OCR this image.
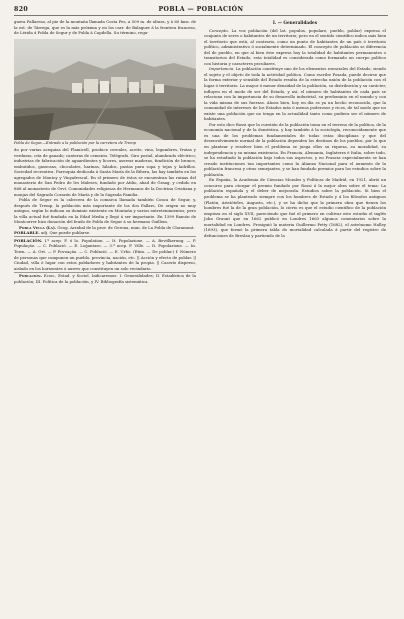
820	POBLA — POBLACIÓN

guera Pallaresa, al pie de la montaña llamada Costa Pes, a 509 m. de altura, y á 60 kms. de la est. de Tárrega, que es la más próxima y en los carr. de Balaguer á la frontera francesa, de Lérida á Pobla de Segur y de Pobla á Capdella. Su término, rega-

Pobla de Segur.—Entrada a la población por la carretera de Tremp

do por varias acequias del Flamicell, produce cereales, aceite, vino, legumbres, frutas y verduras, cría de ganado; canteras de cemento. Telégrafo. Giro postal, alumbrado eléctrico; industrias de fabricación de aguardientes y licores, aserrar maderas, fundición de bronce, embutidos, gaseosas, chocolates, harinas, hilados, pastas para sopa y tejas y ladrillos. Sociedad recreativa. Parroquia dedicada á Santa María de la Ribera, las hay también en los agregados de Montoy y Vinyafrescal. En el primero de éstos se encuentran las ruinas del monasterio de San Pedro de les Maleses, fundado por Atilio, abad de Graag, y cedido en 868 al monasterio de Orví. Comunidades religiosas de Hermanos de la Doctrina Cristiana y monjas del Sagrado Corazón de María y de la Sagrada Familia.

Pobla de Segur es la cabecera de la comarca llamada también Conca de Segur, y, después de Tremp, la población más importante de los dos Pallars, De origen no muy antiguo, según lo indican su dominio existente en Montaña y varios entretenimientos; pero la villa actual fué fundada en la Edad Media y llegó á ser importante. En 1399 Ramón de Montcorrer hizo donación del feudo de Pobla de Segur á su hermano Guillem.

Pobla Vella (La). Geog. Arrabal de la prov. de Gerona, mun. de La Pobla de Claramunt.

POBLABLE. adj. Que puede poblarse.

POBLACIÓN. I.º acep. F. ó lo. Population. — It. Popolazione. — A. Bevölkerung. — P. População. — C. Població. — E. Loĝantaro. — 3.º acep. F. Ville. — It. Popolazione. — In. Town. — A. Ort. — P. Povoação. — C. Població. — E. Urbo. (Etim. — De poblar.) f. Número de personas que componen un pueblo, provincia, nación, etc. || Acción y efecto de poblar. || Ciudad, villa ó lugar con estos pobladores y habitantes de la propia. || Caserío disperso, aislado en los horizontes ó aurres que constituyen un solo vecindario.

Población. Econ., Estad. y Sociol. Indicaremos: I. Generalidades; II. Estadística de la población; III. Política de la población, y IV. Bibliografía sistemática.

I. — Generalidades

Concepto. La voz población (del lat. populus, populare, pueblo, poblar) expresa el conjunto de seres o habitantes de un territorio; pero en el sentido científico indica más bien el territorio que está, al contrario, como un punto de habitantes de un país ó territorio político, administrativo ó socialmente determinado. El concepto de población se diferencia del de pueblo, en que al bien éste expresa hoy la totalidad de habitantes permanentes o transitorios del Estado, esta totalidad es considerada como formando un cuerpo político con historia y caracteres peculiares.

Importancia. La población constituye uno de los elementos esenciales del Estado, siendo el sujeto y el objeto de toda la actividad política. Como escribe Posada, puede decirse que la forma exterior y sensible del Estado resulta de la estrecha unión de la población con el lugar ó territorio. La mayor ó menor densidad de la población, su distribución y su carácter, influyen en el modo de ser del Estado, y así, el número de habitantes de cada país se relaciona con la importancia de su desarrollo industrial, su predominio en el mundo y con la vida misma de sus fuerzas. Ahora bien, hoy en día es ya un hecho reconocido, que la comunidad de intereses de los Estados más ó menos poderosos y ricos, de tal modo que no existe una población que no tenga en la actualidad tanto como pudiera ser el número de habitantes.

Por esto dice Rossi que la cuestión de la población toma en el terreno de la política, de la economía nacional y de la doméstica, y hay también á la sociología, reconocidamente que es una de los problemas fundamentales de todas estas disciplinas y que del desenvolvimiento normal de la población dependen los destinos de los pueblos, por lo que en plantear y resolver bien el problema se juega ellos su riqueza, su moralidad, su independencia y su misma existencia. En Francia, Alemania, Inglaterra é Italia, sobre todo, se ha estudiado la población bajo todos sus aspectos, y en Francia especialmente se han creado instituciones tan importantes como la Alianza Nacional para el aumento de la población francesa y otras semejantes, y se han fundado premios para los estudios sobre la población.

En España, la Academia de Ciencias Morales y Políticas de Madrid, en 1921, abrió un concurso para otorgar el premio fundado por Rossi á la mejor obra sobre el tema: La población española y el deber de mejorarla. Estudios sobre la población. Si bien el problema se ha planteado siempre con los hombres de Estado y á los filósofos antiguos (Platón, Aristóteles, Augusto, etc.), y se ha dicho que la primera obra que tienen los hombres fué la de la gran población, lo cierto es que el estudio científico de la población empieza en el siglo XVII, pareciendo que fué el primero en cultivar este estudio el inglés John Graunt que en 1662 publicó en Londres 1663 algunos comentarios sobre la mortalidad en Londres. Prosiguió la materia Guillermo Petty (1682), el astrónomo Halley (1693), que formó la primera tabla de mortalidad calculada á partir del registro de defunciones de Breslau y partiendo de la
